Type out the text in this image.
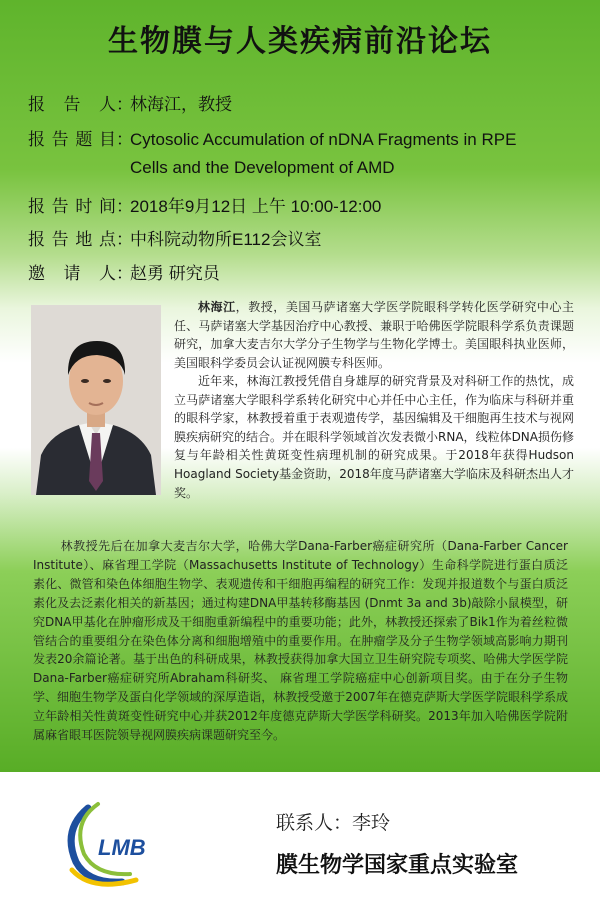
生物膜与人类疾病前沿论坛
报 告 人：林海江，教授
报告题目：Cytosolic Accumulation of nDNA Fragments in RPE
Cells and the Development of AMD
报告时间：2018年9月12日 上午 10:00-12:00
报告地点：中科院动物所E112会议室
邀 请 人：赵勇 研究员
林海江，教授，美国马萨诸塞大学医学院眼科学转化医学研究中心主任、马萨诸塞大学基因治疗中心教授、兼职于哈佛医学院眼科学系负责课题研究，加拿大麦吉尔大学分子生物学与生物化学博士。美国眼科执业医师，美国眼科学委员会认证视网膜专科医师。
近年来，林海江教授凭借自身雄厚的研究背景及对科研工作的热忱，成立马萨诸塞大学眼科学系转化研究中心并任中心主任，作为临床与科研并重的眼科学家，林教授着重于表观遗传学，基因编辑及干细胞再生技术与视网膜疾病研究的结合。并在眼科学领域首次发表微小RNA，线粒体DNA损伤修复与年龄相关性黄斑变性病理机制的研究成果。于2018年获得Hudson Hoagland Society基金资助，2018年度马萨诸塞大学临床及科研杰出人才奖。
林教授先后在加拿大麦吉尔大学，哈佛大学Dana-Farber癌症研究所（Dana-Farber Cancer Institute）、麻省理工学院（Massachusetts Institute of Technology）生命科学院进行蛋白质泛素化、微管和染色体细胞生物学、表观遗传和干细胞再编程的研究工作：发现并报道数个与蛋白质泛素化及去泛素化相关的新基因；通过构建DNA甲基转移酶基因 (Dnmt 3a and 3b)敲除小鼠模型，研究DNA甲基化在肿瘤形成及干细胞重新编程中的重要功能；此外，林教授还探索了Bik1作为着丝粒微管结合的重要组分在染色体分离和细胞增殖中的重要作用。在肿瘤学及分子生物学领域高影响力期刊发表20余篇论著。基于出色的科研成果，林教授获得加拿大国立卫生研究院专项奖、哈佛大学医学院Dana-Farber癌症研究所Abraham科研奖、 麻省理工学院癌症中心创新项目奖。由于在分子生物学、细胞生物学及蛋白化学领域的深厚造诣，林教授受邀于2007年在德克萨斯大学医学院眼科学系成立年龄相关性黄斑变性研究中心并获2012年度德克萨斯大学医学科研奖。2013年加入哈佛医学院附属麻省眼耳医院领导视网膜疾病课题研究至今。
LMB
联系人：李玲
膜生物学国家重点实验室
